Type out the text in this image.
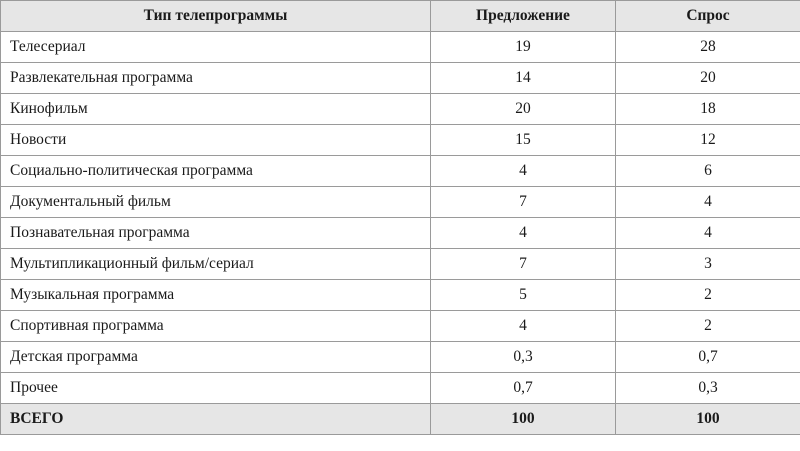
Тип телепрограммы	Предложение	Спрос
Телесериал	19	28
Развлекательная программа	14	20
Кинофильм	20	18
Новости	15	12
Социально-политическая программа	4	6
Документальный фильм	7	4
Познавательная программа	4	4
Мультипликационный фильм/сериал	7	3
Музыкальная программа	5	2
Спортивная программа	4	2
Детская программа	0,3	0,7
Прочее	0,7	0,3
ВСЕГО	100	100
